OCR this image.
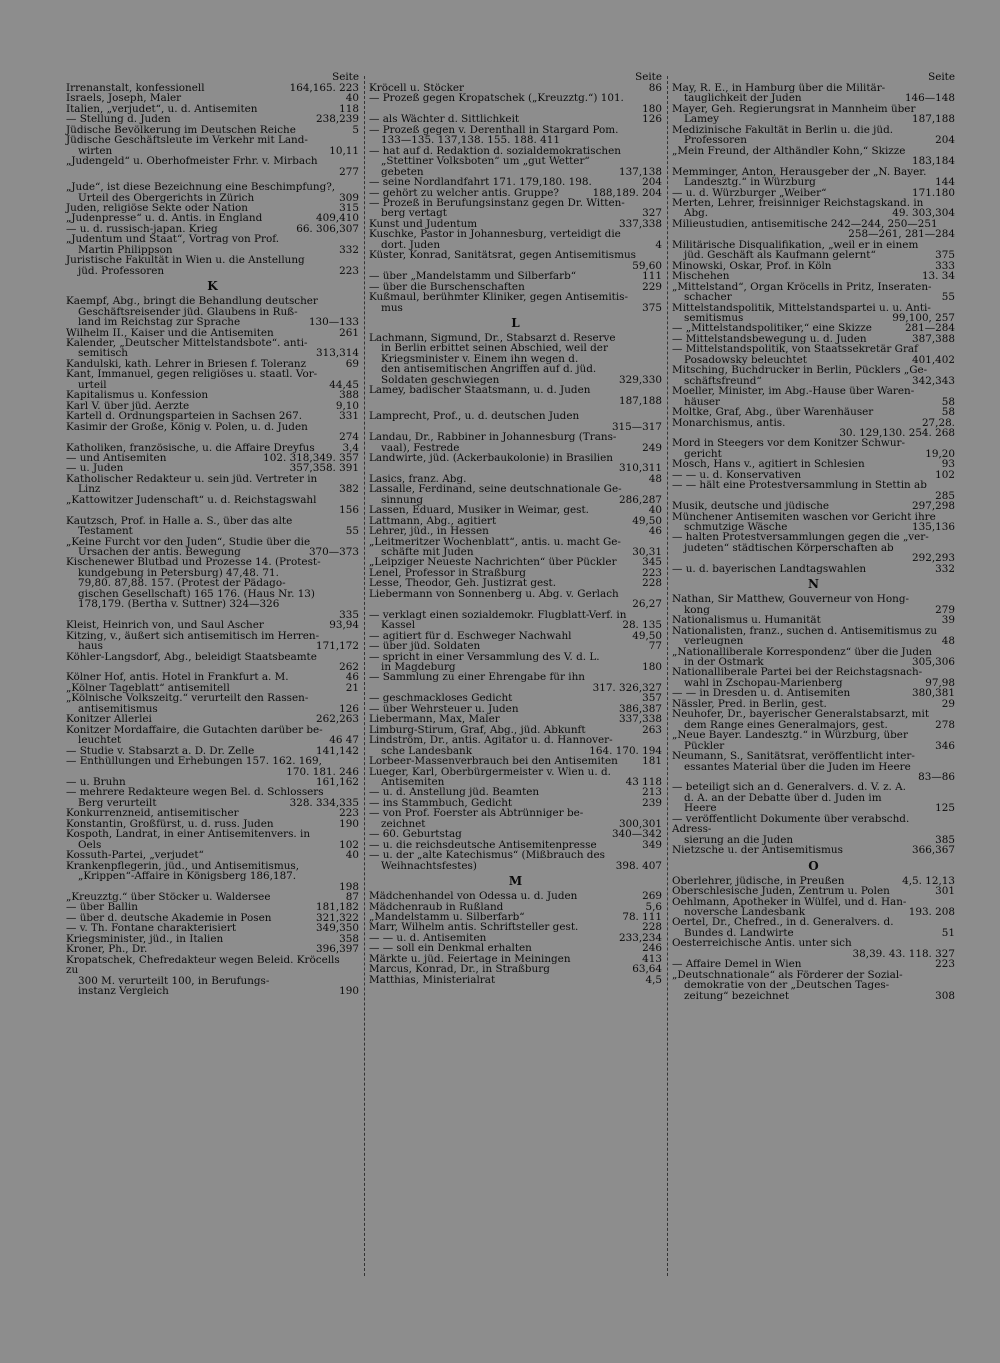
Seite
Irrenanstalt, konfessionell	164,165. 223
Israels, Joseph, Maler	40
Italien, „verjudet“, u. d. Antisemiten	118
— Stellung d. Juden	238,239
Jüdische Bevölkerung im Deutschen Reiche	5
Jüdische Geschäftsleute im Verkehr mit Land-
wirten	10,11
„Judengeld“ u. Oberhofmeister Frhr. v. Mirbach
277
„Jude“, ist diese Bezeichnung eine Beschimpfung?,
Urteil des Obergerichts in Zürich	309
Juden, religiöse Sekte oder Nation	315
„Judenpresse“ u. d. Antis. in England	409,410
— u. d. russisch-japan. Krieg	66. 306,307
„Judentum und Staat“, Vortrag von Prof.
Martin Philippson	332
Juristische Fakultät in Wien u. die Anstellung
jüd. Professoren	223
K
Kaempf, Abg., bringt die Behandlung deutscher
Geschäftsreisender jüd. Glaubens in Ruß-
land im Reichstag zur Sprache	130—133
Wilhelm II., Kaiser und die Antisemiten	261
Kalender, „Deutscher Mittelstandsbote“. anti-
semitisch	313,314
Kandulski, kath. Lehrer in Briesen f. Toleranz	69
Kant, Immanuel, gegen religiöses u. staatl. Vor-
urteil	44,45
Kapitalismus u. Konfession	388
Karl V. über jüd. Aerzte	9,10
Kartell d. Ordnungsparteien in Sachsen 267.	331
Kasimir der Große, König v. Polen, u. d. Juden
274
Katholiken, französische, u. die Affaire Dreyfus	3,4
— und Antisemiten	102. 318,349. 357
— u. Juden	357,358. 391
Katholischer Redakteur u. sein jüd. Vertreter in
Linz	382
„Kattowitzer Judenschaft“ u. d. Reichstagswahl
156
Kautzsch, Prof. in Halle a. S., über das alte
Testament	55
„Keine Furcht vor den Juden“, Studie über die
Ursachen der antis. Bewegung	370—373
Kischenewer Blutbad und Prozesse 14. (Protest-
kundgebung in Petersburg) 47,48. 71.
79,80. 87,88. 157. (Protest der Pädago-
gischen Gesellschaft) 165 176. (Haus Nr. 13)
178,179. (Bertha v. Suttner) 324—326
335
Kleist, Heinrich von, und Saul Ascher	93,94
Kitzing, v., äußert sich antisemitisch im Herren-
haus	171,172
Köhler-Langsdorf, Abg., beleidigt Staatsbeamte
262
Kölner Hof, antis. Hotel in Frankfurt a. M.	46
„Kölner Tageblatt“ antisemitell	21
„Kölnische Volkszeitg.“ verurteilt den Rassen-
antisemitismus	126
Konitzer Allerlei	262,263
Konitzer Mordaffaire, die Gutachten darüber be-
leuchtet	46 47
— Studie v. Stabsarzt a. D. Dr. Zelle	141,142
— Enthüllungen und Erhebungen 157. 162. 169,
170. 181. 246
— u. Bruhn	161,162
— mehrere Redakteure wegen Bel. d. Schlossers
Berg verurteilt	328. 334,335
Konkurrenzneid, antisemitischer	223
Konstantin, Großfürst, u. d. russ. Juden	190
Kospoth, Landrat, in einer Antisemitenvers. in
Oels	102
Kossuth-Partei, „verjudet“	40
Krankenpflegerin, jüd., und Antisemitismus,
„Krippen“-Affaire in Königsberg 186,187.
198
„Kreuzztg.“ über Stöcker u. Waldersee	87
— über Ballin	181,182
— über d. deutsche Akademie in Posen	321,322
— v. Th. Fontane charakterisiert	349,350
Kriegsminister, jüd., in Italien	358
Kroner, Ph., Dr.	396,397
Kropatschek, Chefredakteur wegen Beleid. Kröcells zu
300 M. verurteilt 100, in Berufungs-
instanz Vergleich	190
Seite
Kröcell u. Stöcker	86
— Prozeß gegen Kropatschek („Kreuzztg.“) 101.
180
— als Wächter d. Sittlichkeit	126
— Prozeß gegen v. Derenthall in Stargard Pom.
133—135. 137,138. 155. 188. 411
— hat auf d. Redaktion d. sozialdemokratischen
„Stettiner Volksboten“ um „gut Wetter“
gebeten	137,138
— seine Nordlandfahrt 171. 179,180. 198.	204
— gehört zu welcher antis. Gruppe?	188,189. 204
— Prozeß in Berufungsinstanz gegen Dr. Witten-
berg vertagt	327
Kunst und Judentum	337,338
Kuschke, Pastor in Johannesburg, verteidigt die
dort. Juden	4
Küster, Konrad, Sanitätsrat, gegen Antisemitismus
59,60
— über „Mandelstamm und Silberfarb“	111
— über die Burschenschaften	229
Kußmaul, berühmter Kliniker, gegen Antisemitis-
mus	375
L
Lachmann, Sigmund, Dr., Stabsarzt d. Reserve
in Berlin erbittet seinen Abschied, weil der
Kriegsminister v. Einem ihn wegen d.
den antisemitischen Angriffen auf d. jüd.
Soldaten geschwiegen	329,330
Lamey, badischer Staatsmann, u. d. Juden
187,188
Lamprecht, Prof., u. d. deutschen Juden
315—317
Landau, Dr., Rabbiner in Johannesburg (Trans-
vaal), Festrede	249
Landwirte, jüd. (Ackerbaukolonie) in Brasilien
310,311
Lasics, franz. Abg.	48
Lassalle, Ferdinand, seine deutschnationale Ge-
sinnung	286,287
Lassen, Eduard, Musiker in Weimar, gest.	40
Lattmann, Abg., agitiert	49,50
Lehrer, jüd., in Hessen	46
„Leitmeritzer Wochenblatt“, antis. u. macht Ge-
schäfte mit Juden	30,31
„Leipziger Neueste Nachrichten“ über Pückler	345
Lenel, Professor in Straßburg	223
Lesse, Theodor, Geh. Justizrat gest.	228
Liebermann von Sonnenberg u. Abg. v. Gerlach
26,27
— verklagt einen sozialdemokr. Flugblatt-Verf. in
Kassel	28. 135
— agitiert für d. Eschweger Nachwahl	49,50
— über jüd. Soldaten	77
— spricht in einer Versammlung des V. d. L.
in Magdeburg	180
— Sammlung zu einer Ehrengabe für ihn
317. 326,327
— geschmackloses Gedicht	357
— über Wehrsteuer u. Juden	386,387
Liebermann, Max, Maler	337,338
Limburg-Stirum, Graf, Abg., jüd. Abkunft	263
Lindström, Dr., antis. Agitator u. d. Hannover-
sche Landesbank	164. 170. 194
Lorbeer-Massenverbrauch bei den Antisemiten	181
Lueger, Karl, Oberbürgermeister v. Wien u. d.
Antisemiten	43 118
— u. d. Anstellung jüd. Beamten	213
— ins Stammbuch, Gedicht	239
— von Prof. Foerster als Abtrünniger be-
zeichnet	300,301
— 60. Geburtstag	340—342
— u. die reichsdeutsche Antisemitenpresse	349
— u. der „alte Katechismus“ (Mißbrauch des
Weihnachtsfestes)	398. 407
M
Mädchenhandel von Odessa u. d. Juden	269
Mädchenraub in Rußland	5,6
„Mandelstamm u. Silberfarb“	78. 111
Marr, Wilhelm antis. Schriftsteller gest.	228
— — u. d. Antisemiten	233,234
— — soll ein Denkmal erhalten	246
Märkte u. jüd. Feiertage in Meiningen	413
Marcus, Konrad, Dr., in Straßburg	63,64
Matthias, Ministerialrat	4,5
Seite
May, R. E., in Hamburg über die Militär-
tauglichkeit der Juden	146—148
Mayer, Geh. Regierungsrat in Mannheim über
Lamey	187,188
Medizinische Fakultät in Berlin u. die jüd.
Professoren	204
„Mein Freund, der Althändler Kohn,“ Skizze
183,184
Memminger, Anton, Herausgeber der „N. Bayer.
Landesztg.“ in Würzburg	144
— u. d. Würzburger „Weiber“	171.180
Merten, Lehrer, freisinniger Reichstagskand. in
Abg.	49. 303,304
Milieustudien, antisemitische 242—244, 250—251
258—261, 281—284
Militärische Disqualifikation, „weil er in einem
jüd. Geschäft als Kaufmann gelernt“	375
Minowski, Oskar, Prof. in Köln	333
Mischehen	13. 34
„Mittelstand“, Organ Kröcells in Pritz, Inseraten-
schacher	55
Mittelstandspolitik, Mittelstandspartei u. u. Anti-
semitismus	99,100, 257
— „Mittelstandspolitiker,“ eine Skizze	281—284
— Mittelstandsbewegung u. d. Juden	387,388
— Mittelstandspolitik, von Staatssekretär Graf
Posadowsky beleuchtet	401,402
Mitsching, Buchdrucker in Berlin, Pücklers „Ge-
schäftsfreund“	342,343
Moeller, Minister, im Abg.-Hause über Waren-
häuser	58
Moltke, Graf, Abg., über Warenhäuser	58
Monarchismus, antis.	27,28.
30. 129,130. 254. 268
Mord in Steegers vor dem Konitzer Schwur-
gericht	19,20
Mosch, Hans v., agitiert in Schlesien	93
— — u. d. Konservativen	102
— — hält eine Protestversammlung in Stettin ab
285
Musik, deutsche und jüdische	297,298
Münchener Antisemiten waschen vor Gericht ihre
schmutzige Wäsche	135,136
— halten Protestversammlungen gegen die „ver-
judeten“ städtischen Körperschaften ab
292,293
— u. d. bayerischen Landtagswahlen	332
N
Nathan, Sir Matthew, Gouverneur von Hong-
kong	279
Nationalismus u. Humanität	39
Nationalisten, franz., suchen d. Antisemitismus zu
verleugnen	48
„Nationalliberale Korrespondenz“ über die Juden
in der Ostmark	305,306
Nationalliberale Partei bei der Reichstagsnach-
wahl in Zschopau-Marienberg	97,98
— — in Dresden u. d. Antisemiten	380,381
Nässler, Pred. in Berlin, gest.	29
Neuhofer, Dr., bayerischer Generalstabsarzt, mit
dem Range eines Generalmajors, gest.	278
„Neue Bayer. Landesztg.“ in Würzburg, über
Pückler	346
Neumann, S., Sanitätsrat, veröffentlicht inter-
essantes Material über die Juden im Heere
83—86
— beteiligt sich an d. Generalvers. d. V. z. A.
d. A. an der Debatte über d. Juden im
Heere	125
— veröffentlicht Dokumente über verabschd. Adress-
sierung an die Juden	385
Nietzsche u. der Antisemitismus	366,367
O
Oberlehrer, jüdische, in Preußen	4,5. 12,13
Oberschlesische Juden, Zentrum u. Polen	301
Oehlmann, Apotheker in Wülfel, und d. Han-
noversche Landesbank	193. 208
Oertel, Dr., Chefred., in d. Generalvers. d.
Bundes d. Landwirte	51
Oesterreichische Antis. unter sich
38,39. 43. 118. 327
— Affaire Demel in Wien	223
„Deutschnationale“ als Förderer der Sozial-
demokratie von der „Deutschen Tages-
zeitung“ bezeichnet	308
